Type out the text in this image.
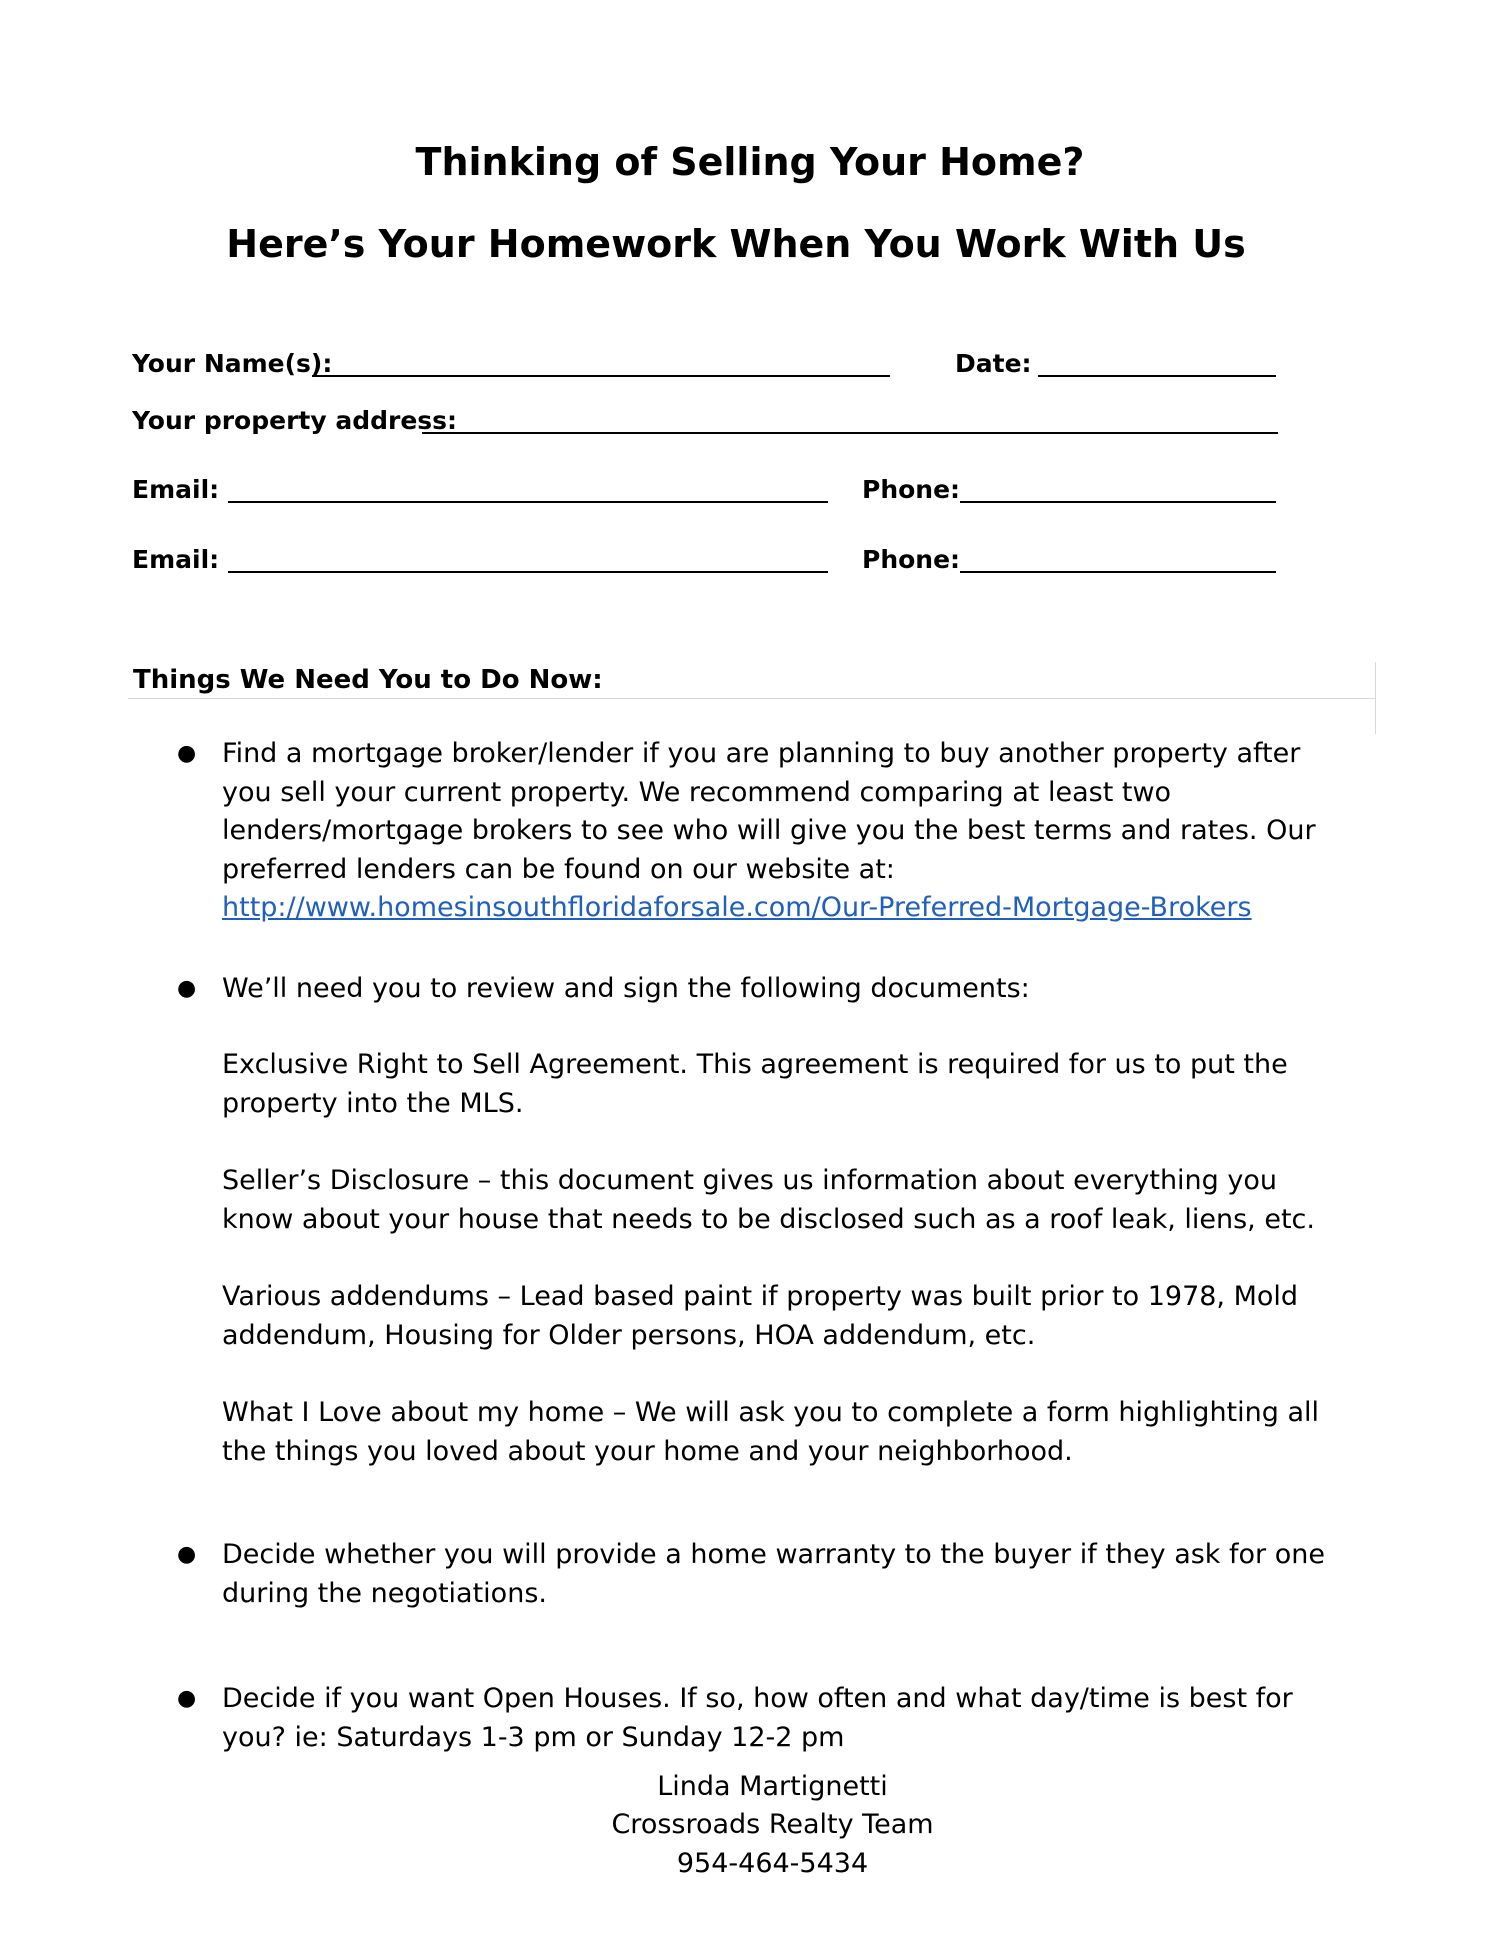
Thinking of Selling Your Home?
Here’s Your Homework When You Work With Us
Your Name(s):	Date:
Your property address:
Email:	Phone:
Email:	Phone:
Things We Need You to Do Now:
● Find a mortgage broker/lender if you are planning to buy another property after you sell your current property. We recommend comparing at least two lenders/mortgage brokers to see who will give you the best terms and rates. Our preferred lenders can be found on our website at:

http://www.homesinsouthfloridaforsale.com/Our-Preferred-Mortgage-Brokers

● We’ll need you to review and sign the following documents:
Exclusive Right to Sell Agreement. This agreement is required for us to put the property into the MLS.
Seller’s Disclosure – this document gives us information about everything you know about your house that needs to be disclosed such as a roof leak, liens, etc.
Various addendums – Lead based paint if property was built prior to 1978, Mold addendum, Housing for Older persons, HOA addendum, etc.
What I Love about my home – We will ask you to complete a form highlighting all the things you loved about your home and your neighborhood.
● Decide whether you will provide a home warranty to the buyer if they ask for one during the negotiations.
● Decide if you want Open Houses. If so, how often and what day/time is best for you? ie: Saturdays 1-3 pm or Sunday 12-2 pm
Linda Martignetti
Crossroads Realty Team
954-464-5434
